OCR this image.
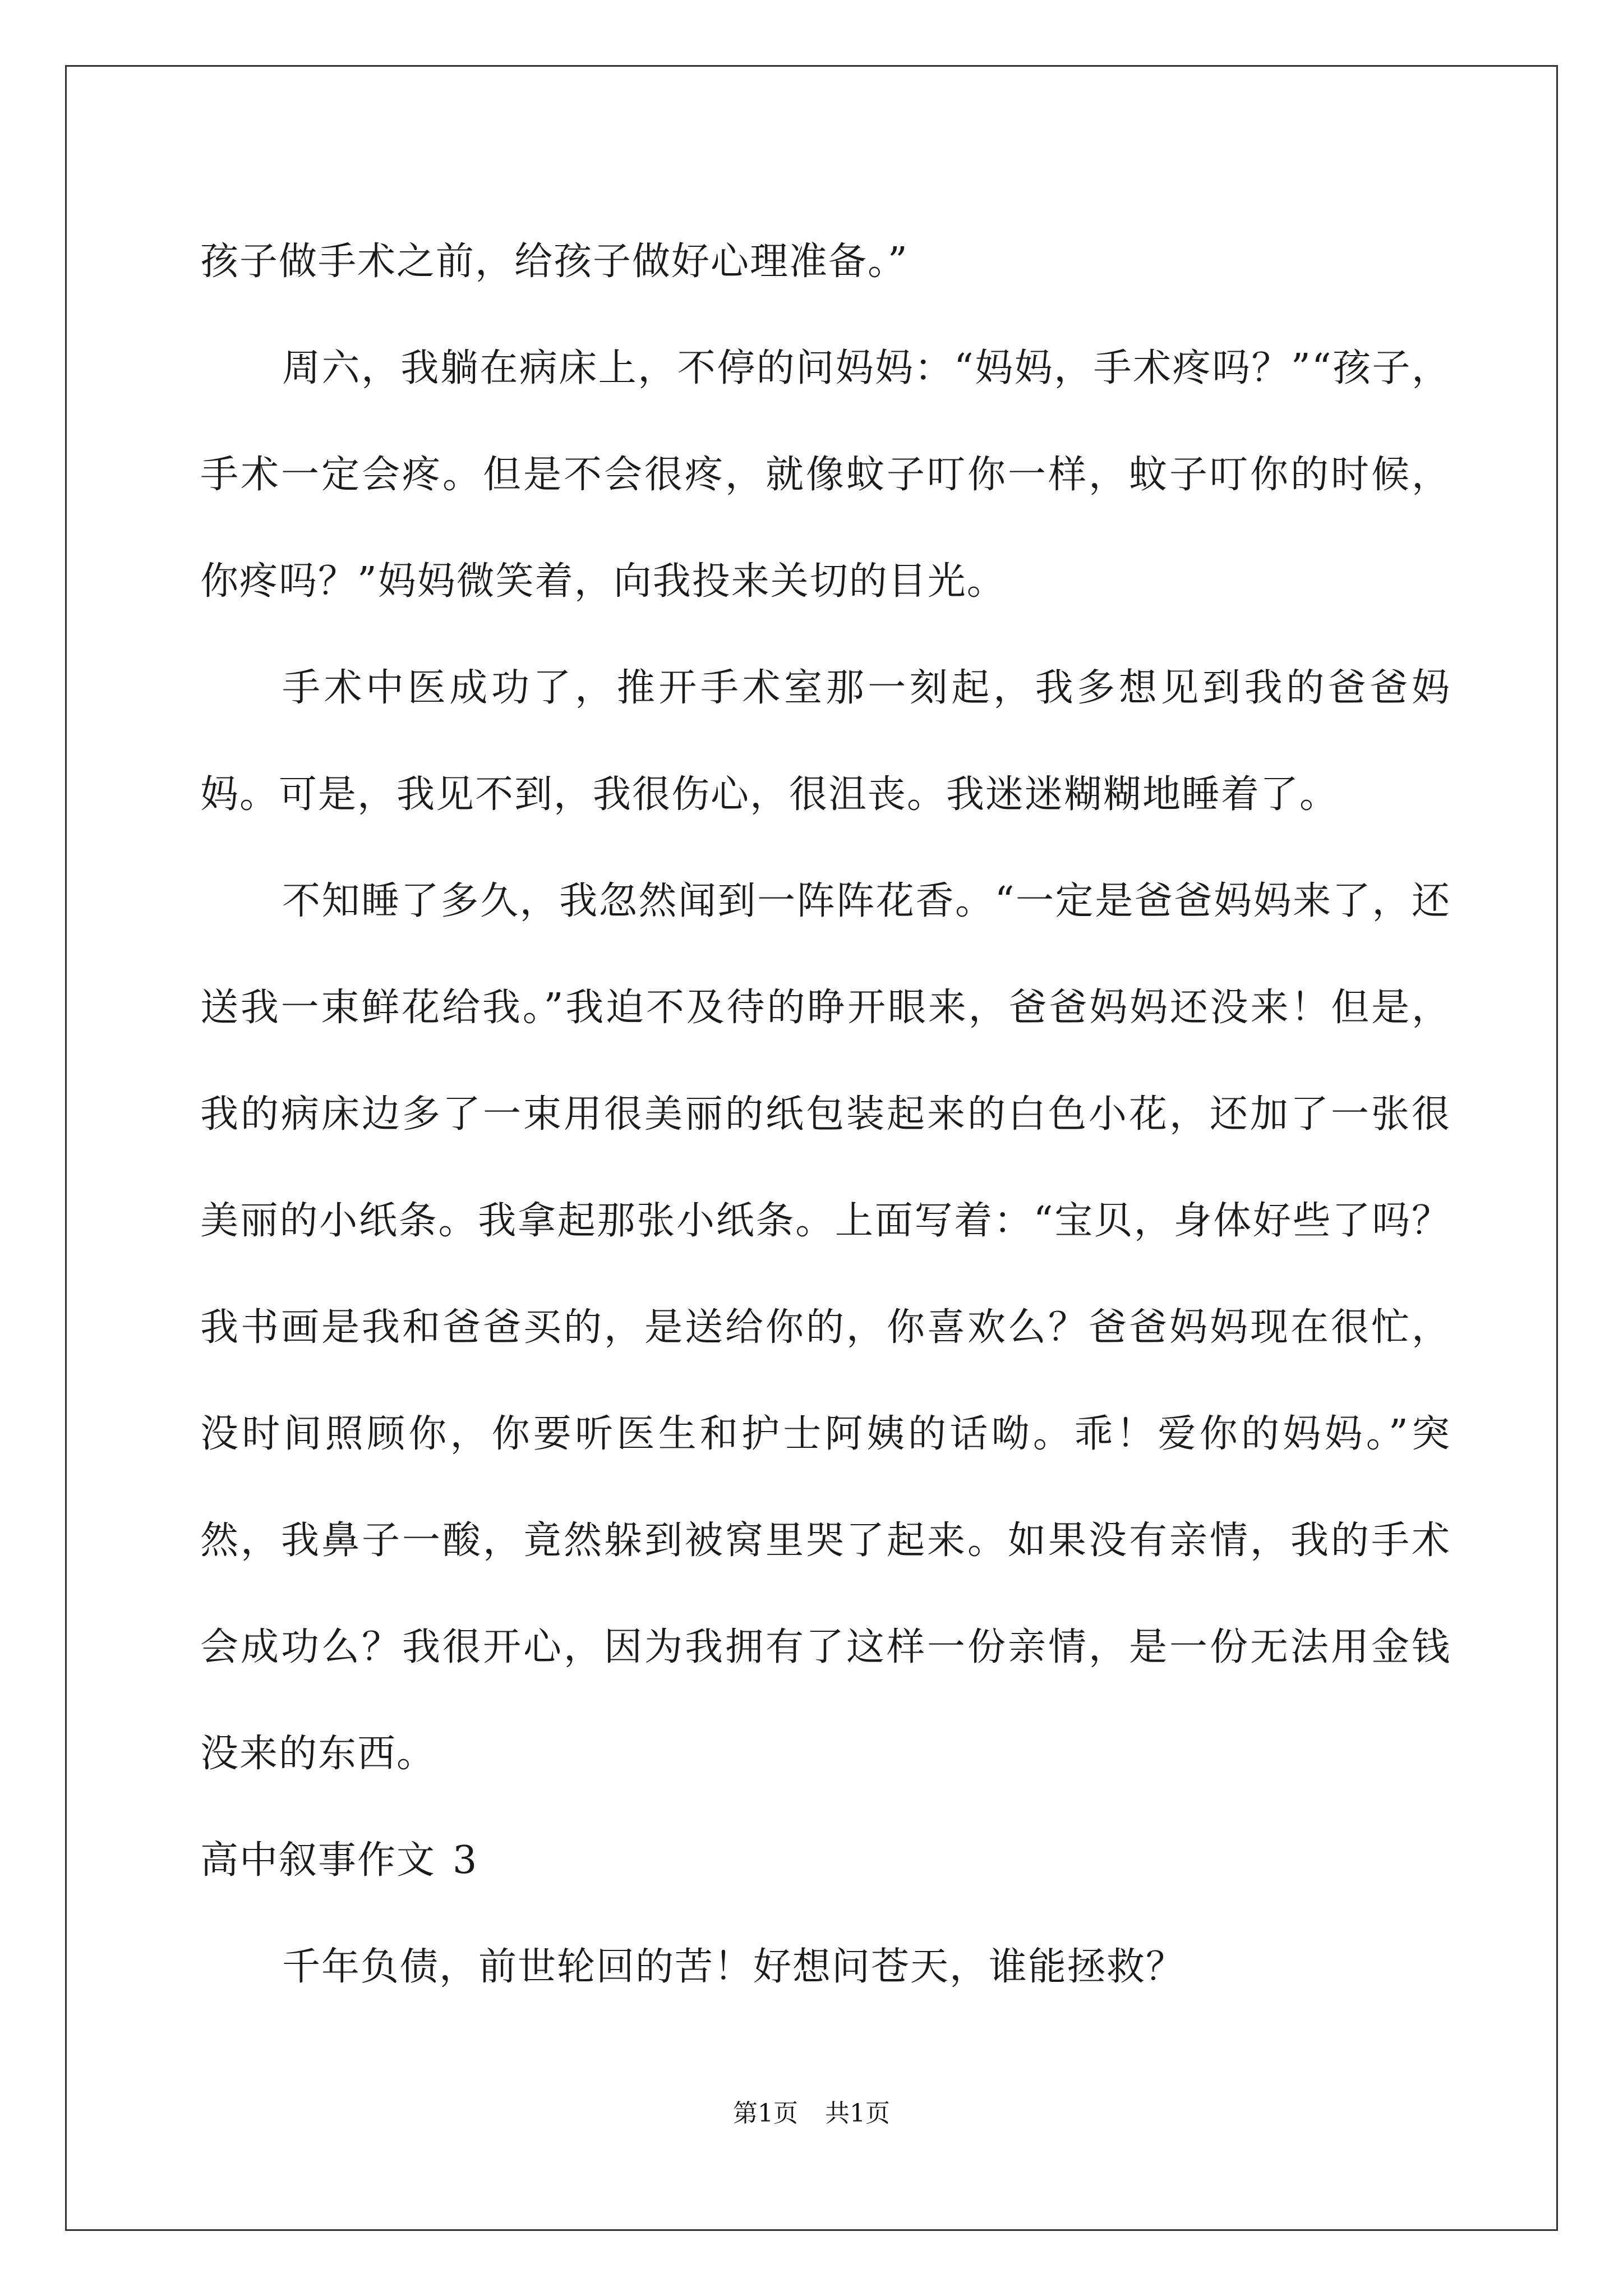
孩子做手术之前，给孩子做好心理准备。”

周六，我躺在病床上，不停的问妈妈：“妈妈，手术疼吗？”“孩子，手术一定会疼。但是不会很疼，就像蚊子叮你一样，蚊子叮你的时候，你疼吗？”妈妈微笑着，向我投来关切的目光。

手术中医成功了，推开手术室那一刻起，我多想见到我的爸爸妈妈。可是，我见不到，我很伤心，很沮丧。我迷迷糊糊地睡着了。

不知睡了多久，我忽然闻到一阵阵花香。“一定是爸爸妈妈来了，还送我一束鲜花给我。”我迫不及待的睁开眼来，爸爸妈妈还没来！但是，我的病床边多了一束用很美丽的纸包装起来的白色小花，还加了一张很美丽的小纸条。我拿起那张小纸条。上面写着：“宝贝，身体好些了吗？我书画是我和爸爸买的，是送给你的，你喜欢么？爸爸妈妈现在很忙，没时间照顾你，你要听医生和护士阿姨的话呦。乖！爱你的妈妈。”突然，我鼻子一酸，竟然躲到被窝里哭了起来。如果没有亲情，我的手术会成功么？我很开心，因为我拥有了这样一份亲情，是一份无法用金钱没来的东西。

高中叙事作文 3

千年负债，前世轮回的苦！好想问苍天，谁能拯救？

第1页 共1页
